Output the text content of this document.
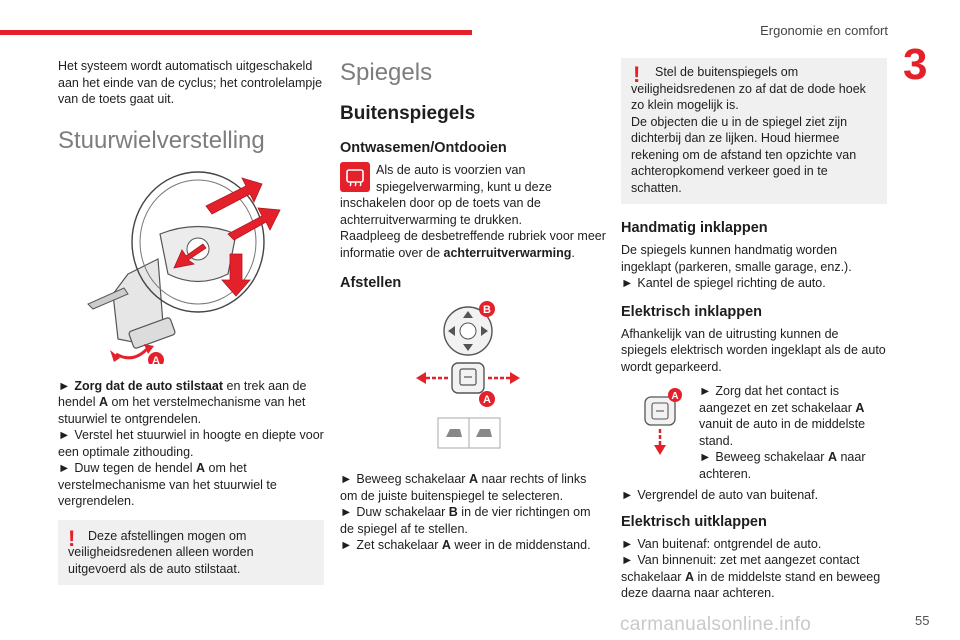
Ergonomie en comfort
3

Het systeem wordt automatisch uitgeschakeld aan het einde van de cyclus; het controlelampje van de toets gaat uit.

Stuurwielverstelling
A

► Zorg dat de auto stilstaat en trek aan de hendel A om het verstelmechanisme van het stuurwiel te ontgrendelen.

► Verstel het stuurwiel in hoogte en diepte voor een optimale zithouding.

► Duw tegen de hendel A om het verstelmechanisme van het stuurwiel te vergrendelen.

!	Deze afstellingen mogen om veiligheidsredenen alleen worden uitgevoerd als de auto stilstaat.
Spiegels
Buitenspiegels
Ontwasemen/Ontdooien
Als de auto is voorzien van spiegelverwarming, kunt u deze inschakelen door op de toets van de achterruitverwarming te drukken.
Raadpleeg de desbetreffende rubriek voor meer informatie over de achterruitverwarming.
Afstellen
B
A

► Beweeg schakelaar A naar rechts of links om de juiste buitenspiegel te selecteren.

► Duw schakelaar B in de vier richtingen om de spiegel af te stellen.

► Zet schakelaar A weer in de middenstand.

!	Stel de buitenspiegels om veiligheidsredenen zo af dat de dode hoek zo klein mogelijk is.
De objecten die u in de spiegel ziet zijn dichterbij dan ze lijken. Houd hiermee rekening om de afstand ten opzichte van achteropkomend verkeer goed in te schatten.
Handmatig inklappen

De spiegels kunnen handmatig worden ingeklapt (parkeren, smalle garage, enz.).

► Kantel de spiegel richting de auto.

Elektrisch inklappen

Afhankelijk van de uitrusting kunnen de spiegels elektrisch worden ingeklapt als de auto wordt geparkeerd.

A ► Zorg dat het contact is aangezet en zet schakelaar A vanuit de auto in de middelste stand.

► Beweeg schakelaar A naar achteren.

► Vergrendel de auto van buitenaf.

Elektrisch uitklappen

► Van buitenaf: ontgrendel de auto.

► Van binnenuit: zet met aangezet contact schakelaar A in de middelste stand en beweeg deze daarna naar achteren.

carmanualsonline.info	55
